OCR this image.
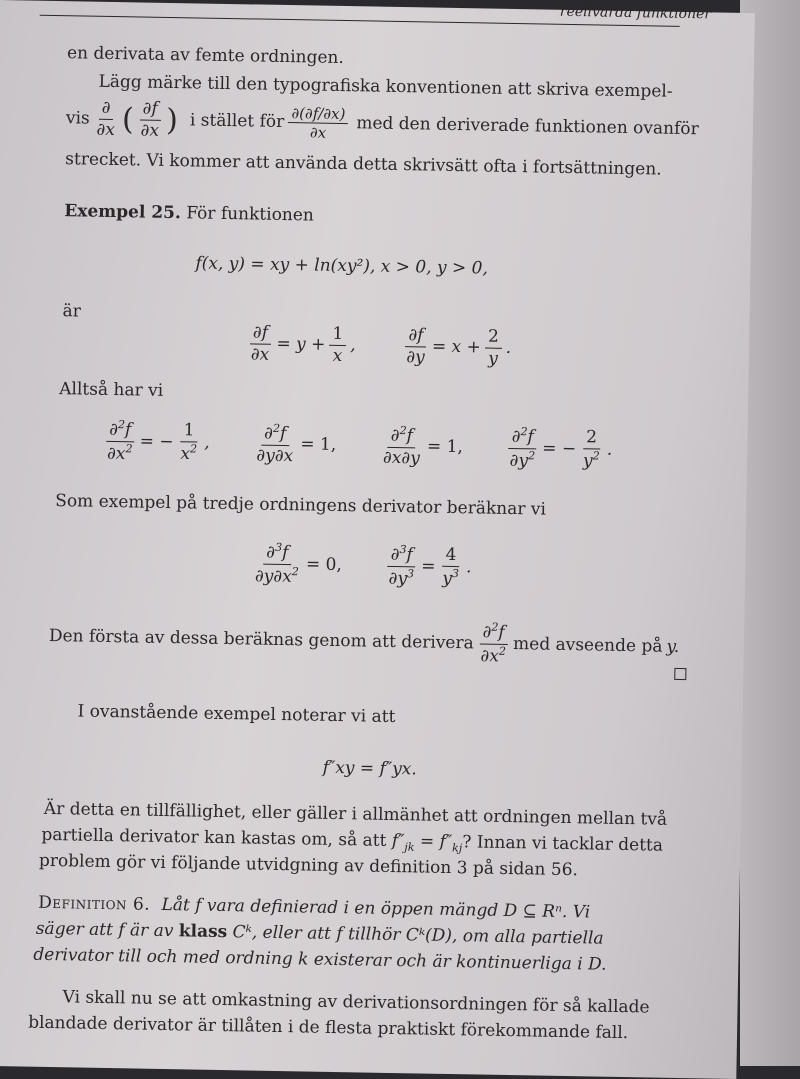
reellvärda funktioner
en derivata av femte ordningen.
Lägg märke till den typografiska konventionen att skriva exempel-
vis $\frac{\partial}{\partial x}$ ( $\frac{\partial f}{\partial x}$ ) i stället för $\frac{\partial(\partial f/\partial x)}{\partial x}$ med den deriverade funktionen ovanför
strecket. Vi kommer att använda detta skrivsätt ofta i fortsättningen.
Exempel 25. För funktionen
f(x, y) = xy + ln(xy²), x > 0, y > 0,
är
$\frac{\partial f}{\partial x} = y + \frac{1}{x}$ ,	$\frac{\partial f}{\partial y} = x + \frac{2}{y}$ .
Alltså har vi
$\frac{\partial^2f}{\partial x^2}$ = − $\frac{1}{x^2}$ ,	$\frac{\partial^2f}{\partial y\partial x} = 1$,	$\frac{\partial^2f}{\partial x\partial y} = 1$,	$\frac{\partial^2f}{\partial y^2}$ = − $\frac{2}{y^2}$ .
Som exempel på tredje ordningens derivator beräknar vi
$\frac{\partial^3f}{\partial y\partial x^2} = 0$,	$\frac{\partial^3f}{\partial y^3} = \frac{4}{y^3}$ .
Den första av dessa beräknas genom att derivera $\frac{\partial^2f}{\partial x^2}$ med avseende på y.
I ovanstående exempel noterar vi att
f″xy = f″yx.
Är detta en tillfällighet, eller gäller i allmänhet att ordningen mellan två
partiella derivator kan kastas om, så att $f''_{jk} = f''_{kj}$? Innan vi tacklar detta
problem gör vi följande utvidgning av definition 3 på sidan 56.
Definition 6. Låt f vara definierad i en öppen mängd D ⊆ Rⁿ. Vi
säger att f är av klass Cᵏ, eller att f tillhör Cᵏ(D), om alla partiella
derivator till och med ordning k existerar och är kontinuerliga i D.
Vi skall nu se att omkastning av derivationsordningen för så kallade
blandade derivator är tillåten i de flesta praktiskt förekommande fall.
